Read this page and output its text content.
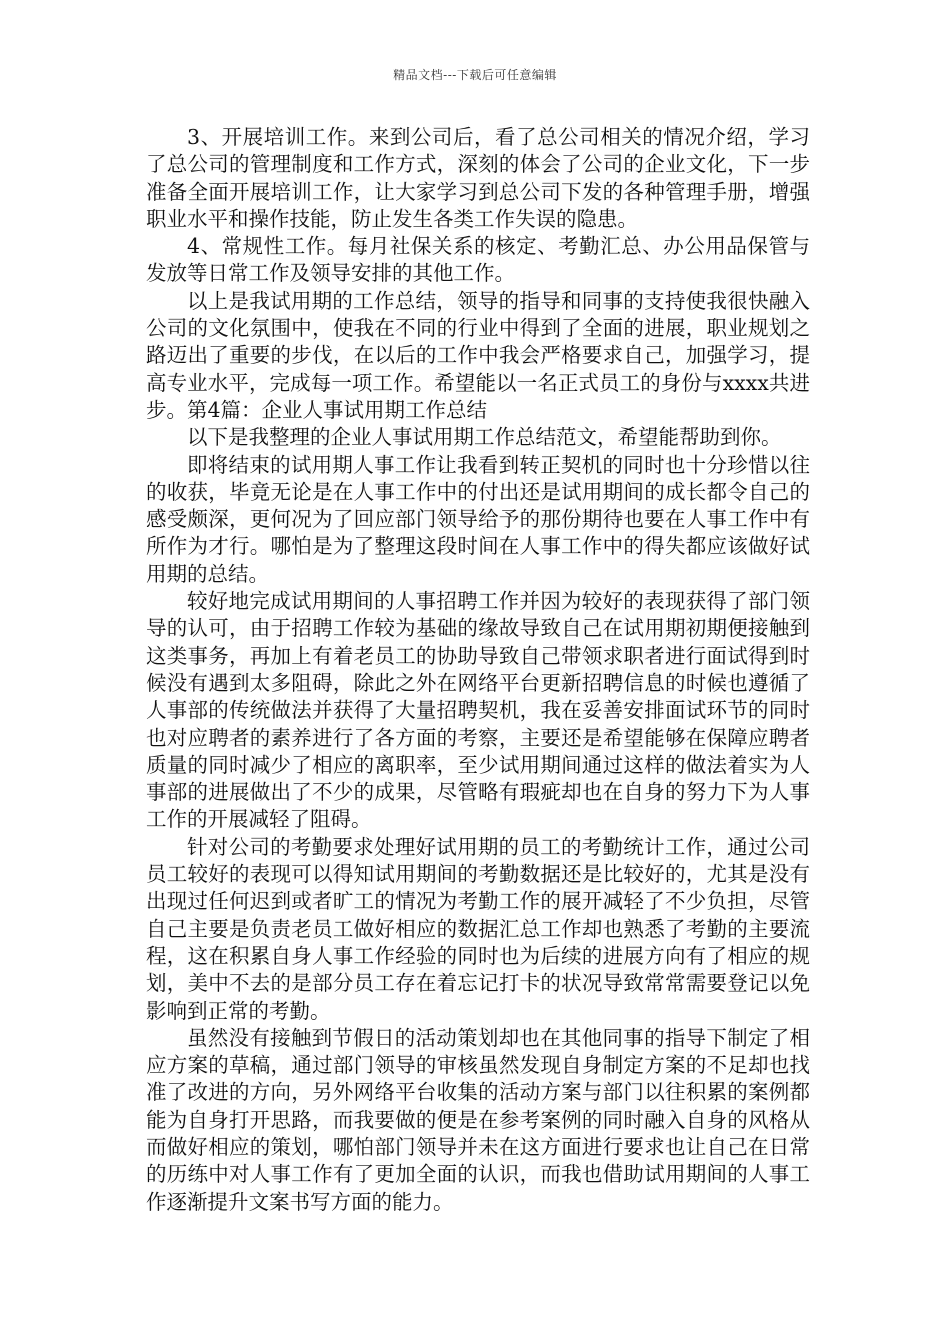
精品文档---下载后可任意编辑

3、开展培训工作。来到公司后，看了总公司相关的情况介绍，学习了总公司的管理制度和工作方式，深刻的体会了公司的企业文化，下一步准备全面开展培训工作，让大家学习到总公司下发的各种管理手册，增强职业水平和操作技能，防止发生各类工作失误的隐患。

4、常规性工作。每月社保关系的核定、考勤汇总、办公用品保管与发放等日常工作及领导安排的其他工作。

以上是我试用期的工作总结，领导的指导和同事的支持使我很快融入公司的文化氛围中，使我在不同的行业中得到了全面的进展，职业规划之路迈出了重要的步伐，在以后的工作中我会严格要求自己，加强学习，提高专业水平，完成每一项工作。希望能以一名正式员工的身份与xxxx共进步。第4篇：企业人事试用期工作总结

以下是我整理的企业人事试用期工作总结范文，希望能帮助到你。

即将结束的试用期人事工作让我看到转正契机的同时也十分珍惜以往的收获，毕竟无论是在人事工作中的付出还是试用期间的成长都令自己的感受颇深，更何况为了回应部门领导给予的那份期待也要在人事工作中有所作为才行。哪怕是为了整理这段时间在人事工作中的得失都应该做好试用期的总结。

较好地完成试用期间的人事招聘工作并因为较好的表现获得了部门领导的认可，由于招聘工作较为基础的缘故导致自己在试用期初期便接触到这类事务，再加上有着老员工的协助导致自己带领求职者进行面试得到时候没有遇到太多阻碍，除此之外在网络平台更新招聘信息的时候也遵循了人事部的传统做法并获得了大量招聘契机，我在妥善安排面试环节的同时也对应聘者的素养进行了各方面的考察，主要还是希望能够在保障应聘者质量的同时减少了相应的离职率，至少试用期间通过这样的做法着实为人事部的进展做出了不少的成果，尽管略有瑕疵却也在自身的努力下为人事工作的开展减轻了阻碍。

针对公司的考勤要求处理好试用期的员工的考勤统计工作，通过公司员工较好的表现可以得知试用期间的考勤数据还是比较好的，尤其是没有出现过任何迟到或者旷工的情况为考勤工作的展开减轻了不少负担，尽管自己主要是负责老员工做好相应的数据汇总工作却也熟悉了考勤的主要流程，这在积累自身人事工作经验的同时也为后续的进展方向有了相应的规划，美中不去的是部分员工存在着忘记打卡的状况导致常常需要登记以免影响到正常的考勤。

虽然没有接触到节假日的活动策划却也在其他同事的指导下制定了相应方案的草稿，通过部门领导的审核虽然发现自身制定方案的不足却也找准了改进的方向，另外网络平台收集的活动方案与部门以往积累的案例都能为自身打开思路，而我要做的便是在参考案例的同时融入自身的风格从而做好相应的策划，哪怕部门领导并未在这方面进行要求也让自己在日常的历练中对人事工作有了更加全面的认识，而我也借助试用期间的人事工作逐渐提升文案书写方面的能力。
